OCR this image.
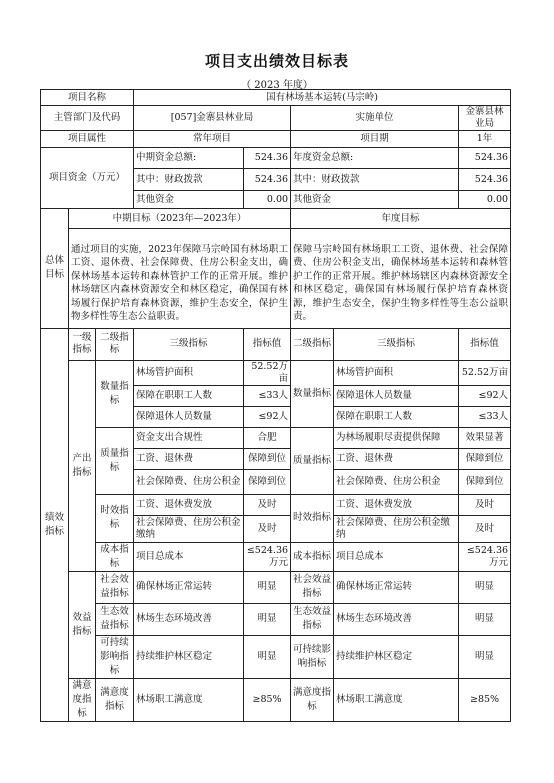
项目支出绩效目标表
（ 2023 年度）
项目名称			国有林场基本运转(马宗岭)				
主管部门及代码			[057]金寨县林业局		实施单位		金寨县林业局
项目属性			常年项目		项目期		1年
项目资金（万元）			中期资金总额:	524.36	年度资金总额:		524.36
			其中：财政拨款	524.36	其中：财政拨款		524.36
			其他资金	0.00	其他资金		0.00
总体目标	中期目标（2023年—2023年）				年度目标		

	通过项目的实施，2023年保障马宗岭国有林场职工工资、退休费、社会保障费、住房公积金支出，确保林场基本运转和森林管护工作的正常开展。维护林场辖区内森林资源安全和林区稳定，确保国有林场履行保护培育森林资源，维护生态安全，保护生物多样性等生态公益职责。				保障马宗岭国有林场职工工资、退休费、社会保障费、住房公积金支出，确保林场基本运转和森林管护工作的正常开展。维护林场辖区内森林资源安全和林区稳定，确保国有林场履行保护培育森林资源，维护生态安全，保护生物多样性等生态公益职责。		
绩效指标	一级指标	二级指标	三级指标	指标值	二级指标	三级指标	指标值
	产出指标	数量指标	林场管护面积	52.52万亩	数量指标	林场管护面积	52.52万亩
			保障在职职工人数	≤33人		保障退休人员数量	≤92人
			保障退休人员数量	≤92人		保障在职职工人数	≤33人
		质量指标	资金支出合规性	合肥	质量指标	为林场履职尽责提供保障	效果显著
			工资、退休费	保障到位		工资、退休费	保障到位
			社会保障费、住房公积金	保障到位		社会保障费、住房公积金	保障到位
		时效指标	工资、退休费发放	及时	时效指标	工资、退休费发放	及时
			社会保障费、住房公积金缴纳	及时		社会保障费、住房公积金缴纳	及时
		成本指标	项目总成本	≤524.36万元	成本指标	项目总成本	≤524.36万元
	效益指标	社会效益指标	确保林场正常运转	明显	社会效益指标	确保林场正常运转	明显
		生态效益指标	林场生态环境改善	明显	生态效益指标	林场生态环境改善	明显
		可持续影响指标	持续维护林区稳定	明显	可持续影响指标	持续维护林区稳定	明显
	满意度指标	满意度指标	林场职工满意度	≥85%	满意度指标	林场职工满意度	≥85%
